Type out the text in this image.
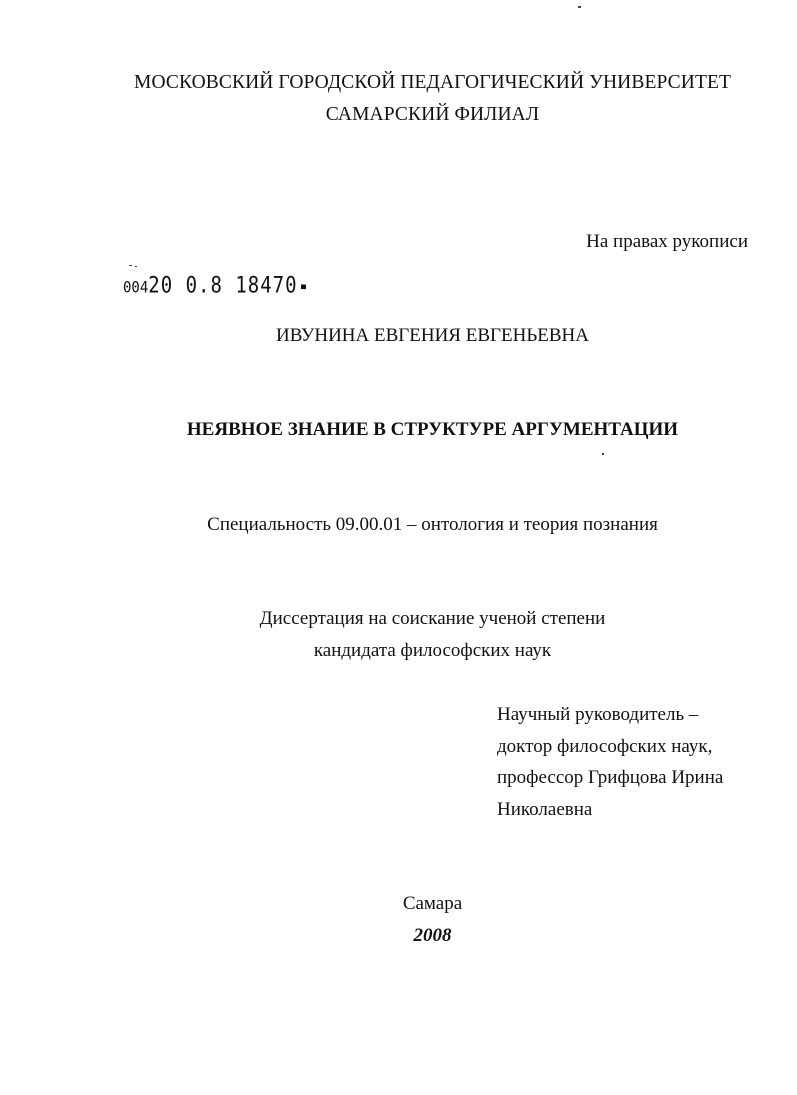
МОСКОВСКИЙ ГОРОДСКОЙ ПЕДАГОГИЧЕСКИЙ УНИВЕРСИТЕТ
САМАРСКИЙ ФИЛИАЛ
На правах рукописи
00420 0.8 18470
ИВУНИНА ЕВГЕНИЯ ЕВГЕНЬЕВНА
НЕЯВНОЕ ЗНАНИЕ В СТРУКТУРЕ АРГУМЕНТАЦИИ
Специальность 09.00.01 – онтология и теория познания
Диссертация на соискание ученой степени
кандидата философских наук
Научный руководитель –
доктор философских наук,
профессор Грифцова Ирина
Николаевна
Самара
2008
